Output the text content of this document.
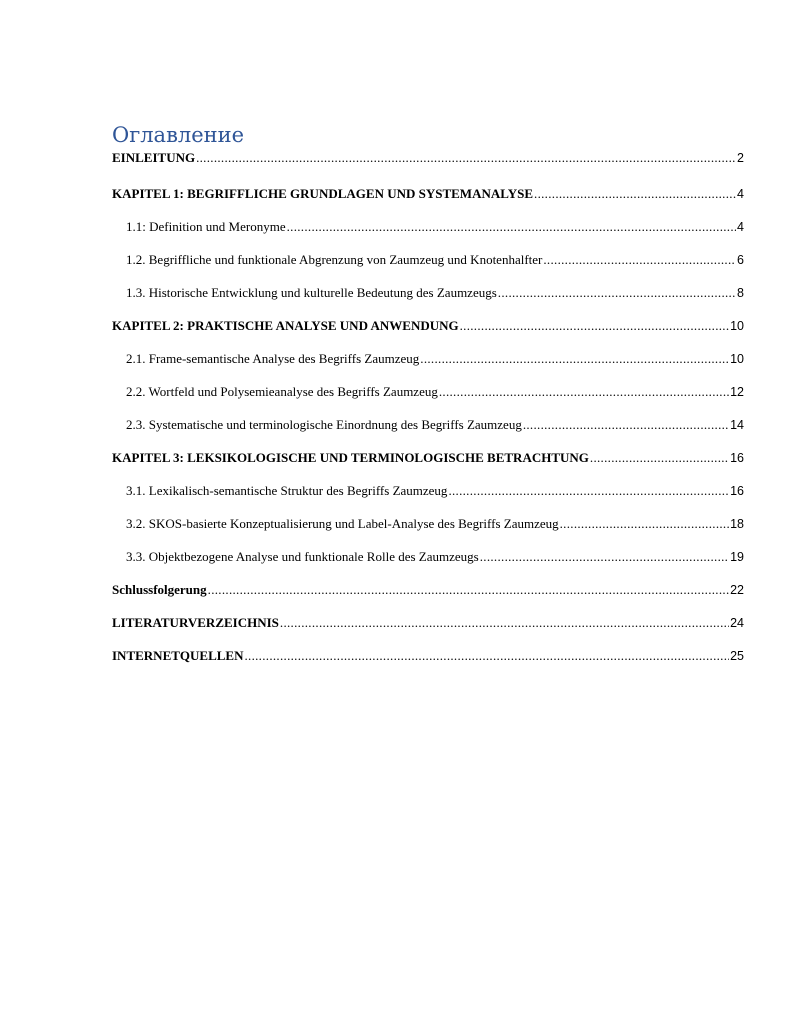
Оглавление
EINLEITUNG .....	2
KAPITEL 1: BEGRIFFLICHE GRUNDLAGEN UND SYSTEMANALYSE .....	4
1.1: Definition und Meronyme .....	4
1.2. Begriffliche und funktionale Abgrenzung von Zaumzeug und Knotenhalfter .....	6
1.3. Historische Entwicklung und kulturelle Bedeutung des Zaumzeugs .....	8
KAPITEL 2: PRAKTISCHE ANALYSE UND ANWENDUNG .....	10
2.1. Frame-semantische Analyse des Begriffs Zaumzeug .....	10
2.2. Wortfeld und Polysemieanalyse des Begriffs Zaumzeug .....	12
2.3. Systematische und terminologische Einordnung des Begriffs Zaumzeug .....	14
KAPITEL 3: LEKSIKOLOGISCHE UND TERMINOLOGISCHE BETRACHTUNG .....	16
3.1. Lexikalisch-semantische Struktur des Begriffs Zaumzeug .....	16
3.2. SKOS-basierte Konzeptualisierung und Label-Analyse des Begriffs Zaumzeug .....	18
3.3. Objektbezogene Analyse und funktionale Rolle des Zaumzeugs .....	19
Schlussfolgerung .....	22
LITERATURVERZEICHNIS .....	24
INTERNETQUELLEN .....	25
